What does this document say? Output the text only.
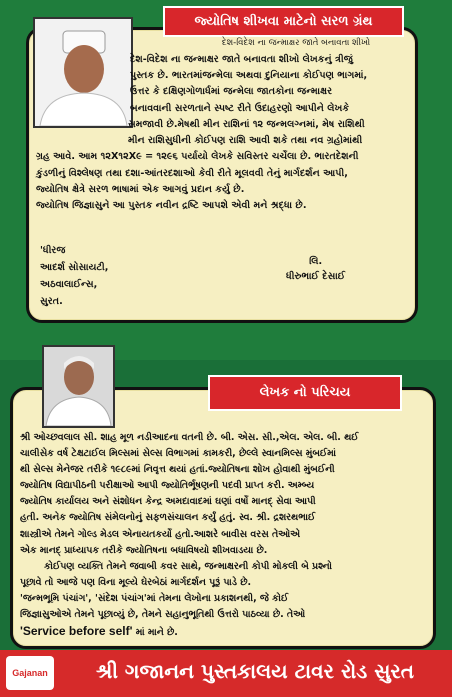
જ્યોતિષ શીખવા માટેનો સરળ ગ્રંથ
દેશ-વિદેશ ના જન્માક્ષર જાતે બનાવતા શીખો
દેશ-વિદેશ ના જન્માક્ષર જાતે બનાવતા શીખો લેખકનું ત્રીજું
પુસ્તક છે. ભારતમાંજન્મેલા અથવા દુનિયાના કોઈપણ ભાગમાં,
ઉત્તર કે દક્ષિણગોળાર્ધમાં જન્મેલા જાતકોના જન્માક્ષર
બનાવવાની સરળતાને સ્પષ્ટ રીતે ઉદાહરણો આપીને લેખકે
સમજાવી છે.મેષથી મીન રાશિનાં ૧૨ જન્મલગ્નમાં, મેષ રાશિથી
મીન રાશિસુધીની કોઈપણ રાશિ આવી શકે તથા નવ ગ્રહોમાંથી
ગ્રહ આવે. આમ ૧૨X૧૨X૯ = ૧૨૯૬ પર્યાયો લેખકે સવિસ્તર ચર્ચેલા છે. ભારતદેશની
કુંડળીનું વિશ્લેષણ તથા દશા-આંતરદશાઓ કેવી રીતે મૂલવવી તેનું માર્ગદર્શન આપી,
જ્યોતિષ ક્ષેત્રે સરળ ભાષામાં એક આગવું પ્રદાન કર્યુ છે.
જ્યોતિષ જિજ્ઞાસુને આ પુસ્તક નવીન દ્રષ્ટિ આપશે એવી મને શ્રદ્ધા છે.
'ધીરજ
આદર્શ સોસાયટી,
અઠવાલાઈન્સ,
સુરત.
લિ.
ધીરુભાઈ દેસાઈ
લેખક નો પરિચય
શ્રી ઓચ્છવલાલ સી. શાહ મૂળ નડીઆદના વતની છે. બી. એસ. સી.,એલ. એલ. બી. થઈ
ચાલીસેક વર્ષ ટેક્ષટાઈલ મિલ્સમાં સેલ્સ વિભાગમાં કામકરી, છેલ્લે સ્વાનમિલ્સ મુંબઈમાં
થી સેલ્સ મેનેજર તરીકે ૧૯૮૯માં નિવૃત્ત થયાં હતાં.જ્યોતિષના શોખ હોવાથી મુંબઈની
જ્યોતિષ વિદ્યાપીઠની પરીક્ષાઓ આપી જ્યોતિર્ભૂષણની પદવી પ્રાપ્ત કરી. અમ્બ્ય
જ્યોતિષ કાર્યાલય અને સંશોધન કેન્દ્ર અમદાવાદમાં ઘણાં વર્ષો માનદ્ સેવા આપી
હતી. અનેક જ્યોતિષ સંમેલનોનું સફળસંચાલન કર્યું હતું. સ્વ. શ્રી. દ્રશરથભાઈ
શાસ્ત્રીએ તેમને ગોલ્ડ મેડલ એનાયતકર્યો હતો.આશરે બાવીસ વરસ તેઓએ
એક માનદ્ પ્રાધ્યાપક તરીકે જ્યોતિષના બધાવિષયો શીખવાડયા છે.
કોઈપણ વ્યક્તિ તેમને જવાબી કવર સાથે, જન્માક્ષરની કોપી મોકલી બે પ્રશ્નો
પૂછાવે તો આજે પણ વિના મૂલ્યે ઘેરબેઠાં માર્ગદર્શન પૂરૂં પાડે છે.
'જન્મભૂમિ પંચાંગ', 'સંદેશ પંચાંગ'માં તેમના લેખોના પ્રકાશનથી, જે કોઈ
જિજ્ઞાસુઓએ તેમને પૂછાવ્યું છે, તેમને સહાનુભૂતિથી ઉત્તરો પાઠવ્યા છે. તેઓ
'Service before self' માં માને છે.
Gajanan	શ્રી ગજાનન પુસ્તકાલય ટાવર રોડ સુરત
